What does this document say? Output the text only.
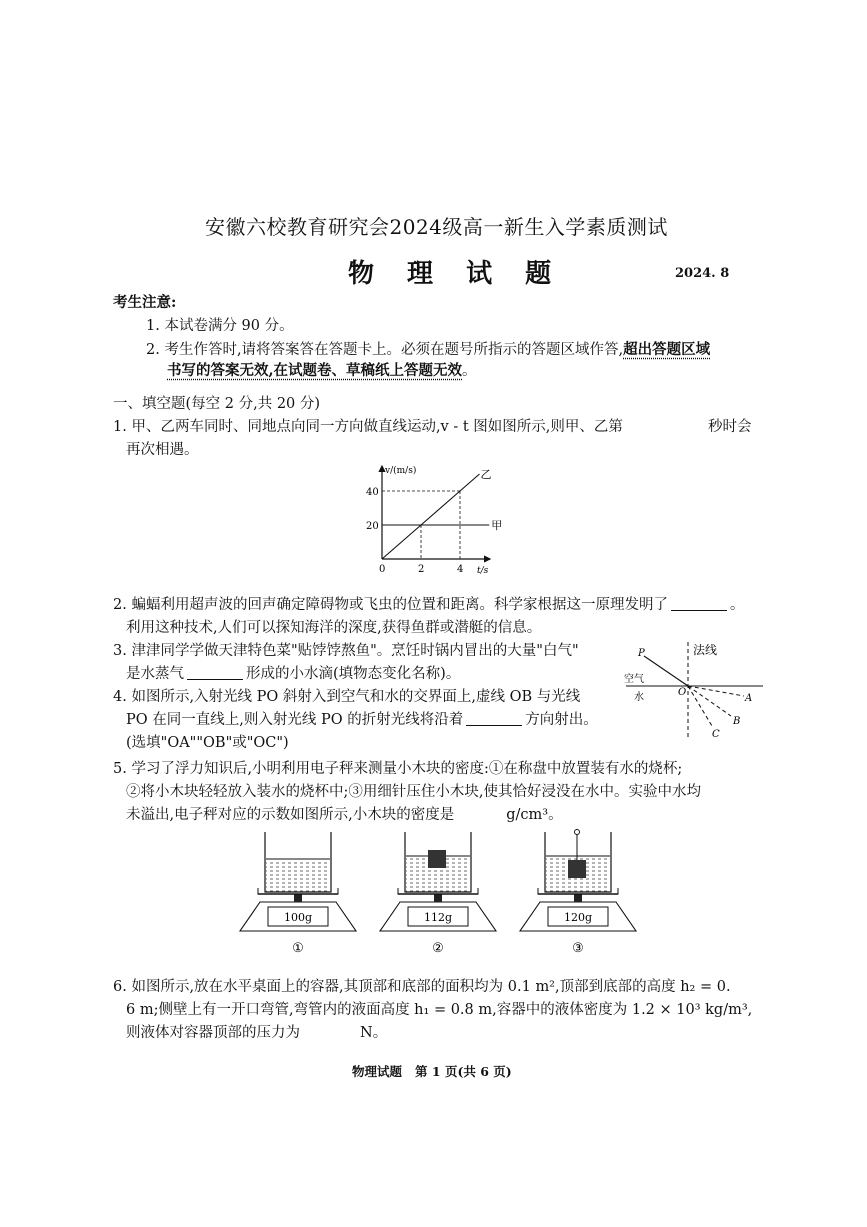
安徽六校教育研究会2024级高一新生入学素质测试
物 理 试 题	2024. 8
考生注意:
1. 本试卷满分 90 分。
2. 考生作答时,请将答案答在答题卡上。必须在题号所指示的答题区域作答,超出答题区域
书写的答案无效,在试题卷、草稿纸上答题无效。
一、填空题(每空 2 分,共 20 分)
1. 甲、乙两车同时、同地点向同一方向做直线运动,v - t 图如图所示,则甲、乙第	秒时会
再次相遇。
v/(m/s)
t/s
甲
乙
20
40
0	2	4
2. 蝙蝠利用超声波的回声确定障碍物或飞虫的位置和距离。科学家根据这一原理发明了	。
利用这种技术,人们可以探知海洋的深度,获得鱼群或潜艇的信息。
3. 津津同学学做天津特色菜"贴饽饽熬鱼"。烹饪时锅内冒出的大量"白气"
是水蒸气	形成的小水滴(填物态变化名称)。
4. 如图所示,入射光线 PO 斜射入到空气和水的交界面上,虚线 OB 与光线
PO 在同一直线上,则入射光线 PO 的折射光线将沿着	方向射出。
(选填"OA""OB"或"OC")
法线
P
空气
水	O
A
B
C
5. 学习了浮力知识后,小明利用电子秤来测量小木块的密度:①在称盘中放置装有水的烧杯;
②将小木块轻轻放入装水的烧杯中;③用细针压住小木块,使其恰好浸没在水中。实验中水均
未溢出,电子秤对应的示数如图所示,小木块的密度是	g/cm³。
100g
①
112g
②
120g
③
6. 如图所示,放在水平桌面上的容器,其顶部和底部的面积均为 0.1 m²,顶部到底部的高度 h₂ = 0.
6 m;侧壁上有一开口弯管,弯管内的液面高度 h₁ = 0.8 m,容器中的液体密度为 1.2 × 10³ kg/m³,
则液体对容器顶部的压力为	N。
物理试题   第 1 页(共 6 页)
